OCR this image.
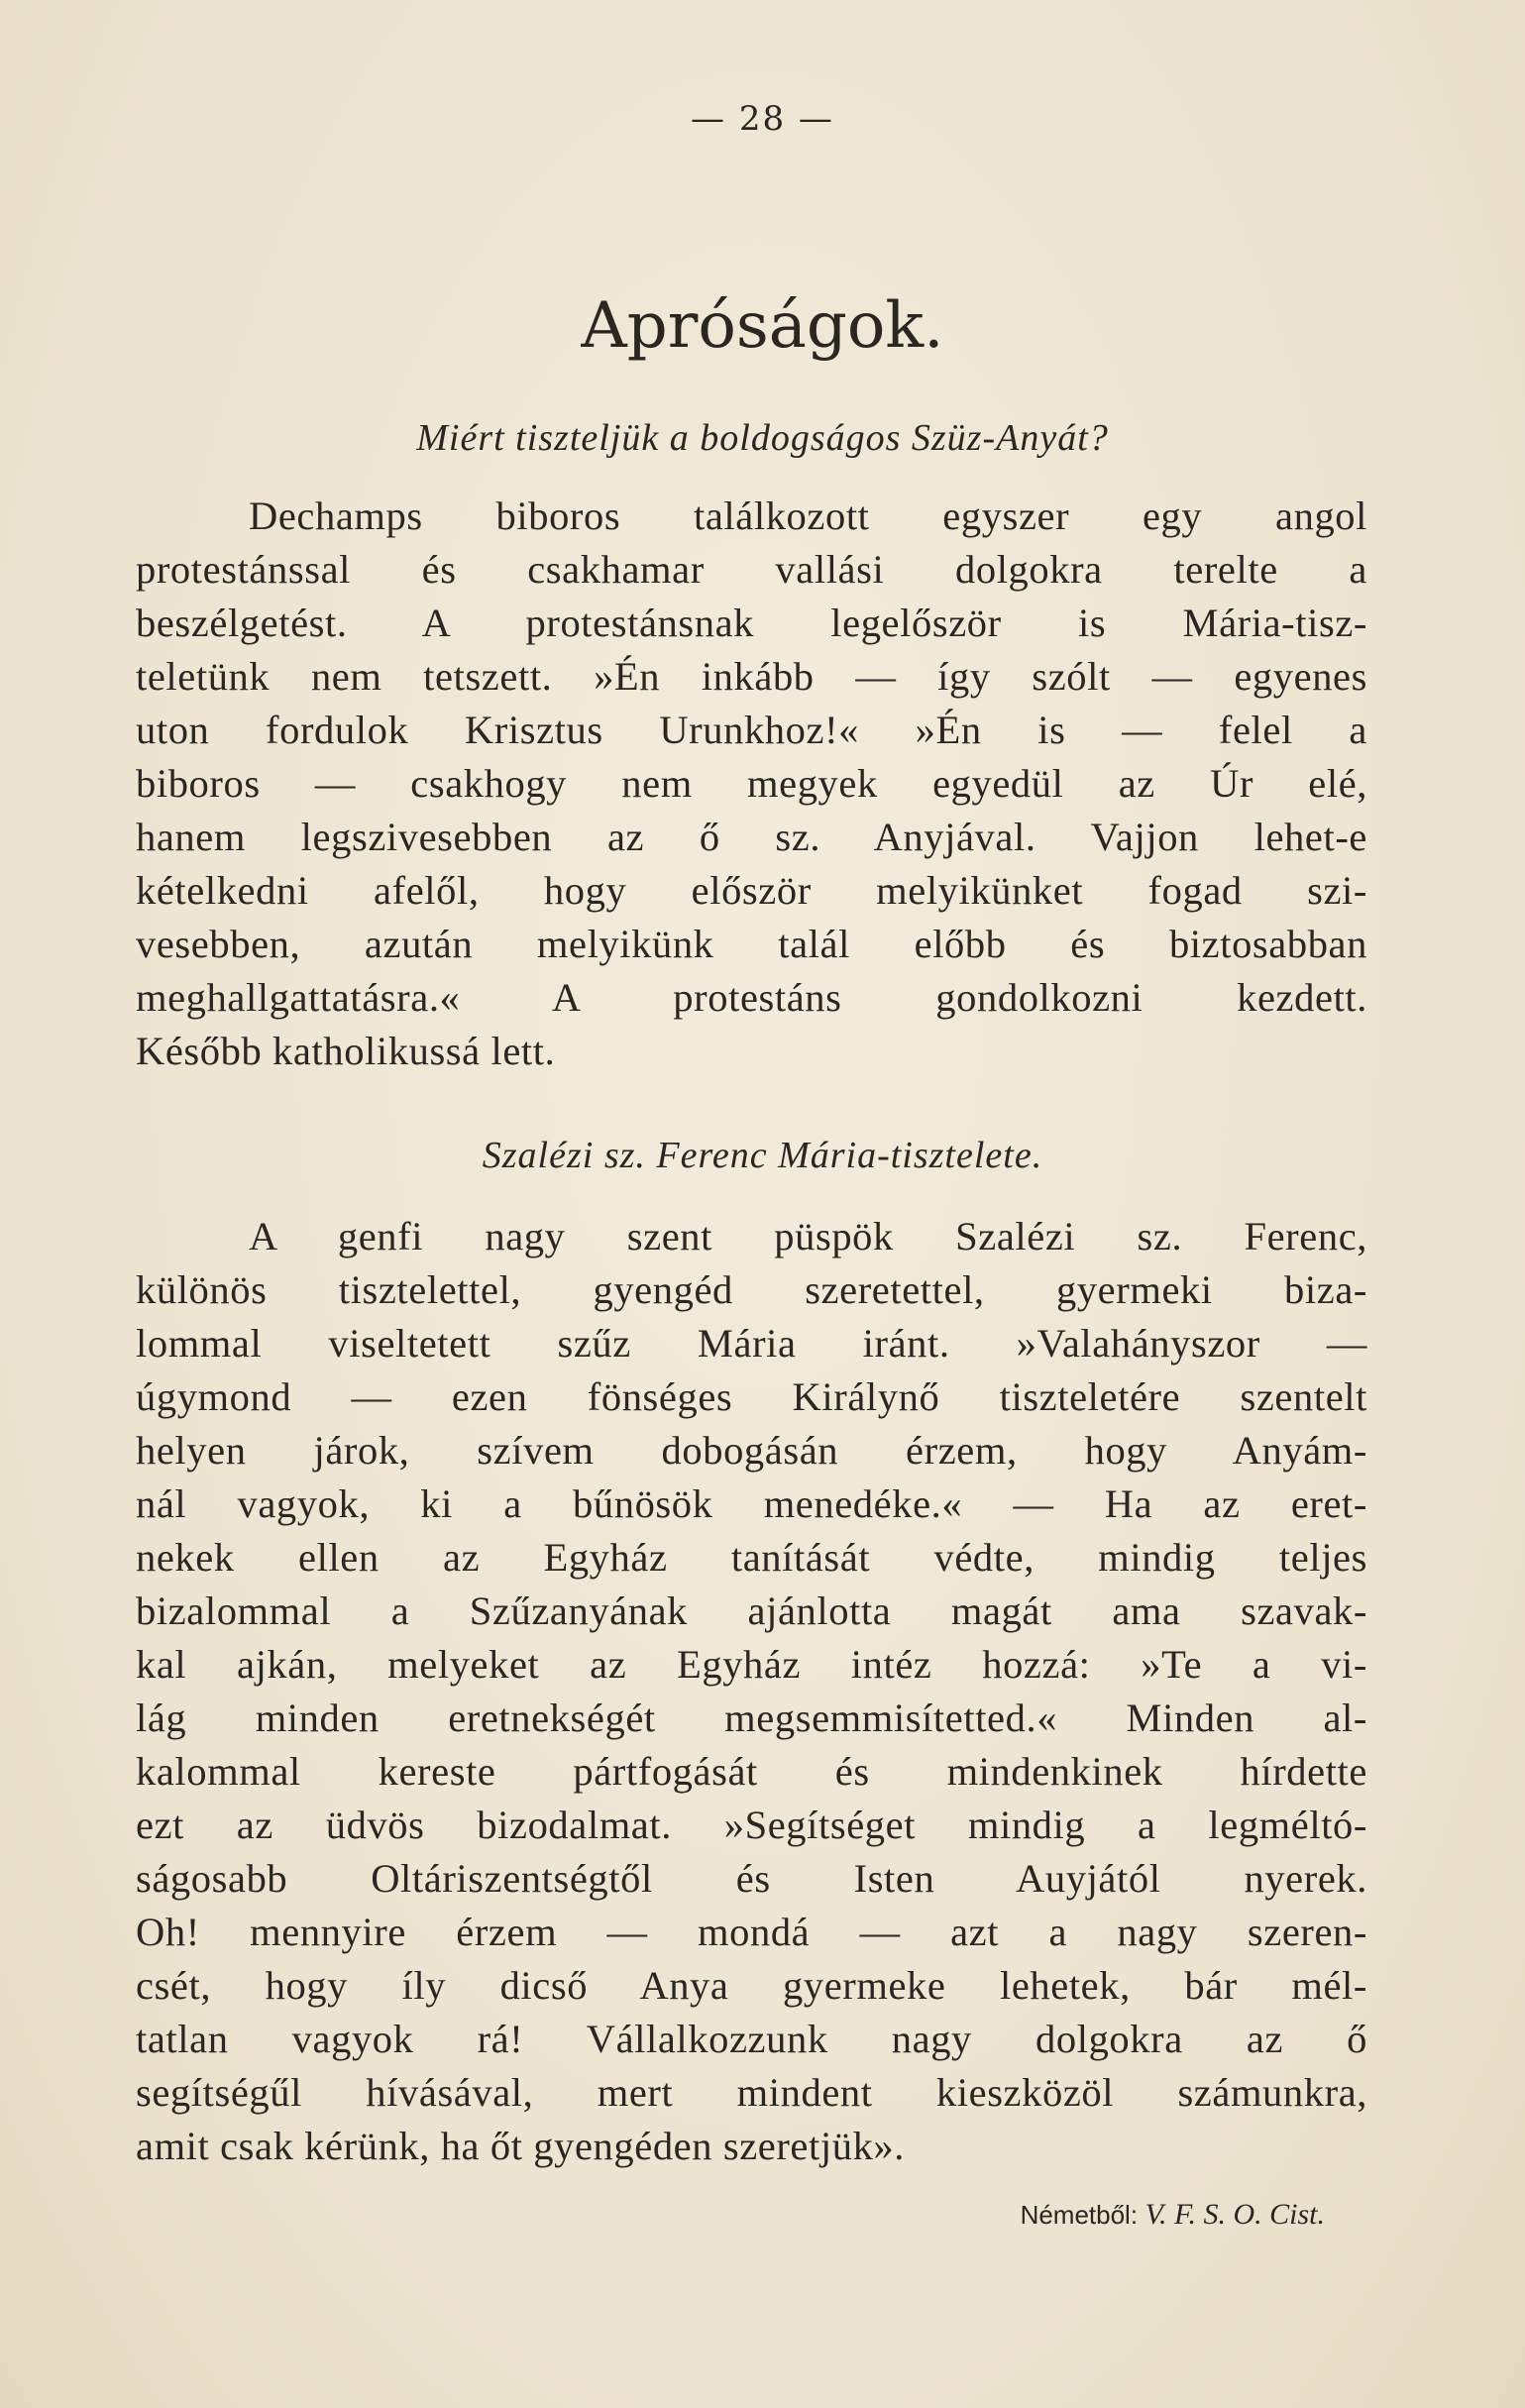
— 28 —
Apróságok.
Miért tiszteljük a boldogságos Szüz-Anyát?
Dechamps biboros találkozott egyszer egy angol
protestánssal és csakhamar vallási dolgokra terelte a
beszélgetést. A protestánsnak legelőször is Mária-tisz-
teletünk nem tetszett. »Én inkább — így szólt — egyenes
uton fordulok Krisztus Urunkhoz!« »Én is — felel a
biboros — csakhogy nem megyek egyedül az Úr elé,
hanem legszivesebben az ő sz. Anyjával. Vajjon lehet-e
kételkedni afelől, hogy először melyikünket fogad szi-
vesebben, azután melyikünk talál előbb és biztosabban
meghallgattatásra.« A protestáns gondolkozni kezdett.
Később katholikussá lett.
Szalézi sz. Ferenc Mária-tisztelete.
A genfi nagy szent püspök Szalézi sz. Ferenc,
különös tisztelettel, gyengéd szeretettel, gyermeki biza-
lommal viseltetett szűz Mária iránt. »Valahányszor —
úgymond — ezen fönséges Királynő tiszteletére szentelt
helyen járok, szívem dobogásán érzem, hogy Anyám-
nál vagyok, ki a bűnösök menedéke.« — Ha az eret-
nekek ellen az Egyház tanítását védte, mindig teljes
bizalommal a Szűzanyának ajánlotta magát ama szavak-
kal ajkán, melyeket az Egyház intéz hozzá: »Te a vi-
lág minden eretnekségét megsemmisítetted.« Minden al-
kalommal kereste pártfogását és mindenkinek hírdette
ezt az üdvös bizodalmat. »Segítséget mindig a legméltó-
ságosabb Oltáriszentségtől és Isten Auyjától nyerek.
Oh! mennyire érzem — mondá — azt a nagy szeren-
csét, hogy íly dicső Anya gyermeke lehetek, bár mél-
tatlan vagyok rá! Vállalkozzunk nagy dolgokra az ő
segítségűl hívásával, mert mindent kieszközöl számunkra,
amit csak kérünk, ha őt gyengéden szeretjük».
Németből: V. F. S. O. Cist.
